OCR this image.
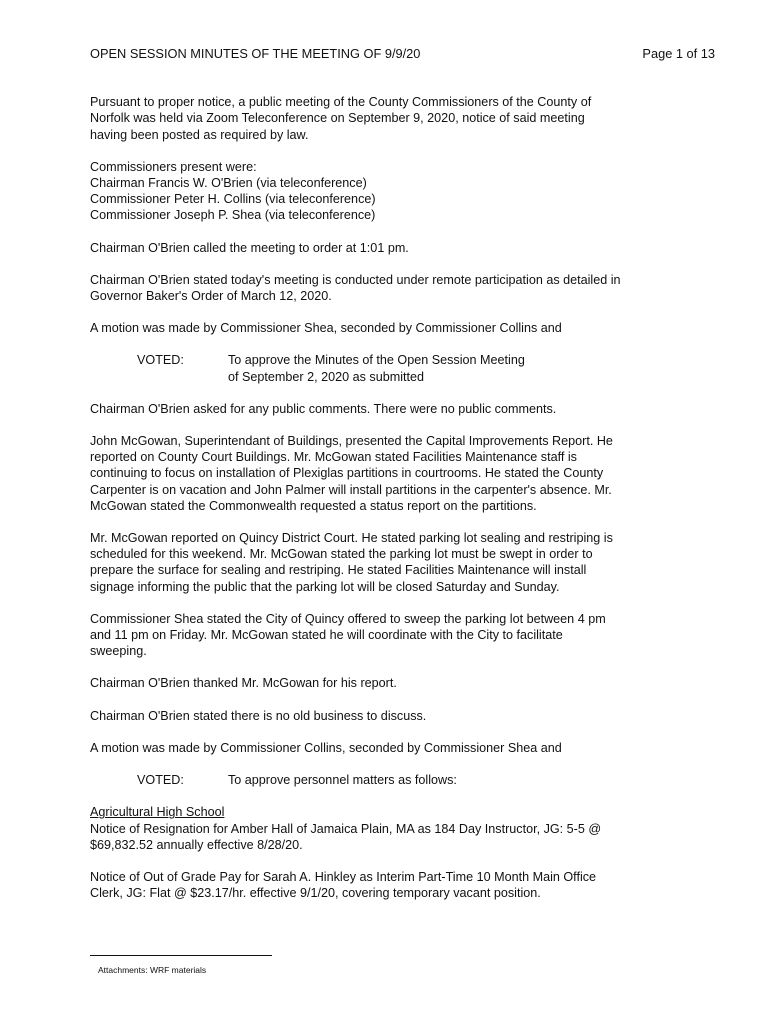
OPEN SESSION MINUTES OF THE MEETING OF 9/9/20	Page 1 of 13

Pursuant to proper notice, a public meeting of the County Commissioners of the County of
Norfolk was held via Zoom Teleconference on September 9, 2020, notice of said meeting
having been posted as required by law.

Commissioners present were:
Chairman Francis W. O'Brien (via teleconference)
Commissioner Peter H. Collins (via teleconference)
Commissioner Joseph P. Shea (via teleconference)

Chairman O'Brien called the meeting to order at 1:01 pm.

Chairman O'Brien stated today's meeting is conducted under remote participation as detailed in
Governor Baker's Order of March 12, 2020.

A motion was made by Commissioner Shea, seconded by Commissioner Collins and

VOTED:	To approve the Minutes of the Open Session Meeting
of September 2, 2020 as submitted

Chairman O'Brien asked for any public comments. There were no public comments.

John McGowan, Superintendant of Buildings, presented the Capital Improvements Report. He
reported on County Court Buildings. Mr. McGowan stated Facilities Maintenance staff is
continuing to focus on installation of Plexiglas partitions in courtrooms. He stated the County
Carpenter is on vacation and John Palmer will install partitions in the carpenter's absence. Mr.
McGowan stated the Commonwealth requested a status report on the partitions.

Mr. McGowan reported on Quincy District Court. He stated parking lot sealing and restriping is
scheduled for this weekend. Mr. McGowan stated the parking lot must be swept in order to
prepare the surface for sealing and restriping. He stated Facilities Maintenance will install
signage informing the public that the parking lot will be closed Saturday and Sunday.

Commissioner Shea stated the City of Quincy offered to sweep the parking lot between 4 pm
and 11 pm on Friday. Mr. McGowan stated he will coordinate with the City to facilitate
sweeping.

Chairman O'Brien thanked Mr. McGowan for his report.

Chairman O'Brien stated there is no old business to discuss.

A motion was made by Commissioner Collins, seconded by Commissioner Shea and

VOTED:	To approve personnel matters as follows:

Agricultural High School
Notice of Resignation for Amber Hall of Jamaica Plain, MA as 184 Day Instructor, JG: 5-5 @
$69,832.52 annually effective 8/28/20.

Notice of Out of Grade Pay for Sarah A. Hinkley as Interim Part-Time 10 Month Main Office
Clerk, JG: Flat @ $23.17/hr. effective 9/1/20, covering temporary vacant position.

Attachments: WRF materials
